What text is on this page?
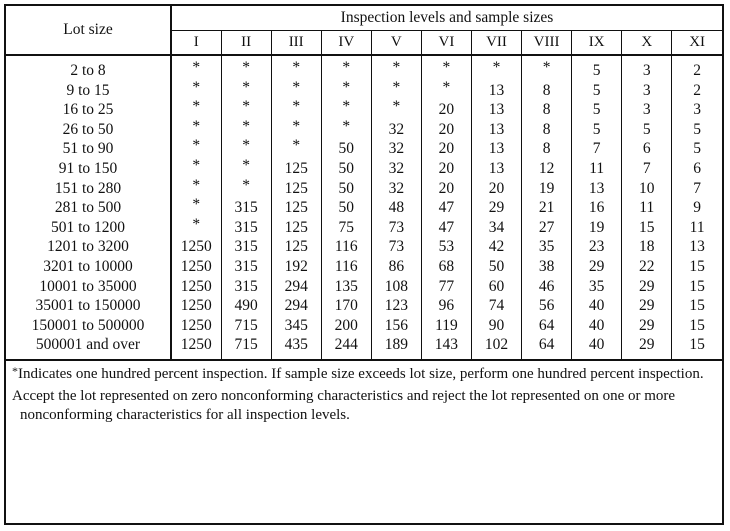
Lot size	Inspection levels and sample sizes										
	I	II	III	IV	V	VI	VII	VIII	IX	X	XI
2 to 8	*	*	*	*	*	*	*	*	5	3	2
9 to 15	*	*	*	*	*	*	13	8	5	3	2
16 to 25	*	*	*	*	*	20	13	8	5	3	3
26 to 50	*	*	*	*	32	20	13	8	5	5	5
51 to 90	*	*	*	50	32	20	13	8	7	6	5
91 to 150	*	*	125	50	32	20	13	12	11	7	6
151 to 280	*	*	125	50	32	20	20	19	13	10	7
281 to 500	*	315	125	50	48	47	29	21	16	11	9
501 to 1200	*	315	125	75	73	47	34	27	19	15	11
1201 to 3200	1250	315	125	116	73	53	42	35	23	18	13
3201 to 10000	1250	315	192	116	86	68	50	38	29	22	15
10001 to 35000	1250	315	294	135	108	77	60	46	35	29	15
35001 to 150000	1250	490	294	170	123	96	74	56	40	29	15
150001 to 500000	1250	715	345	200	156	119	90	64	40	29	15
500001 and over	1250	715	435	244	189	143	102	64	40	29	15

*Indicates one hundred percent inspection. If sample size exceeds lot size, perform one hundred percent inspection.

Accept the lot represented on zero nonconforming characteristics and reject the lot represented on one or more nonconforming characteristics for all inspection levels.
